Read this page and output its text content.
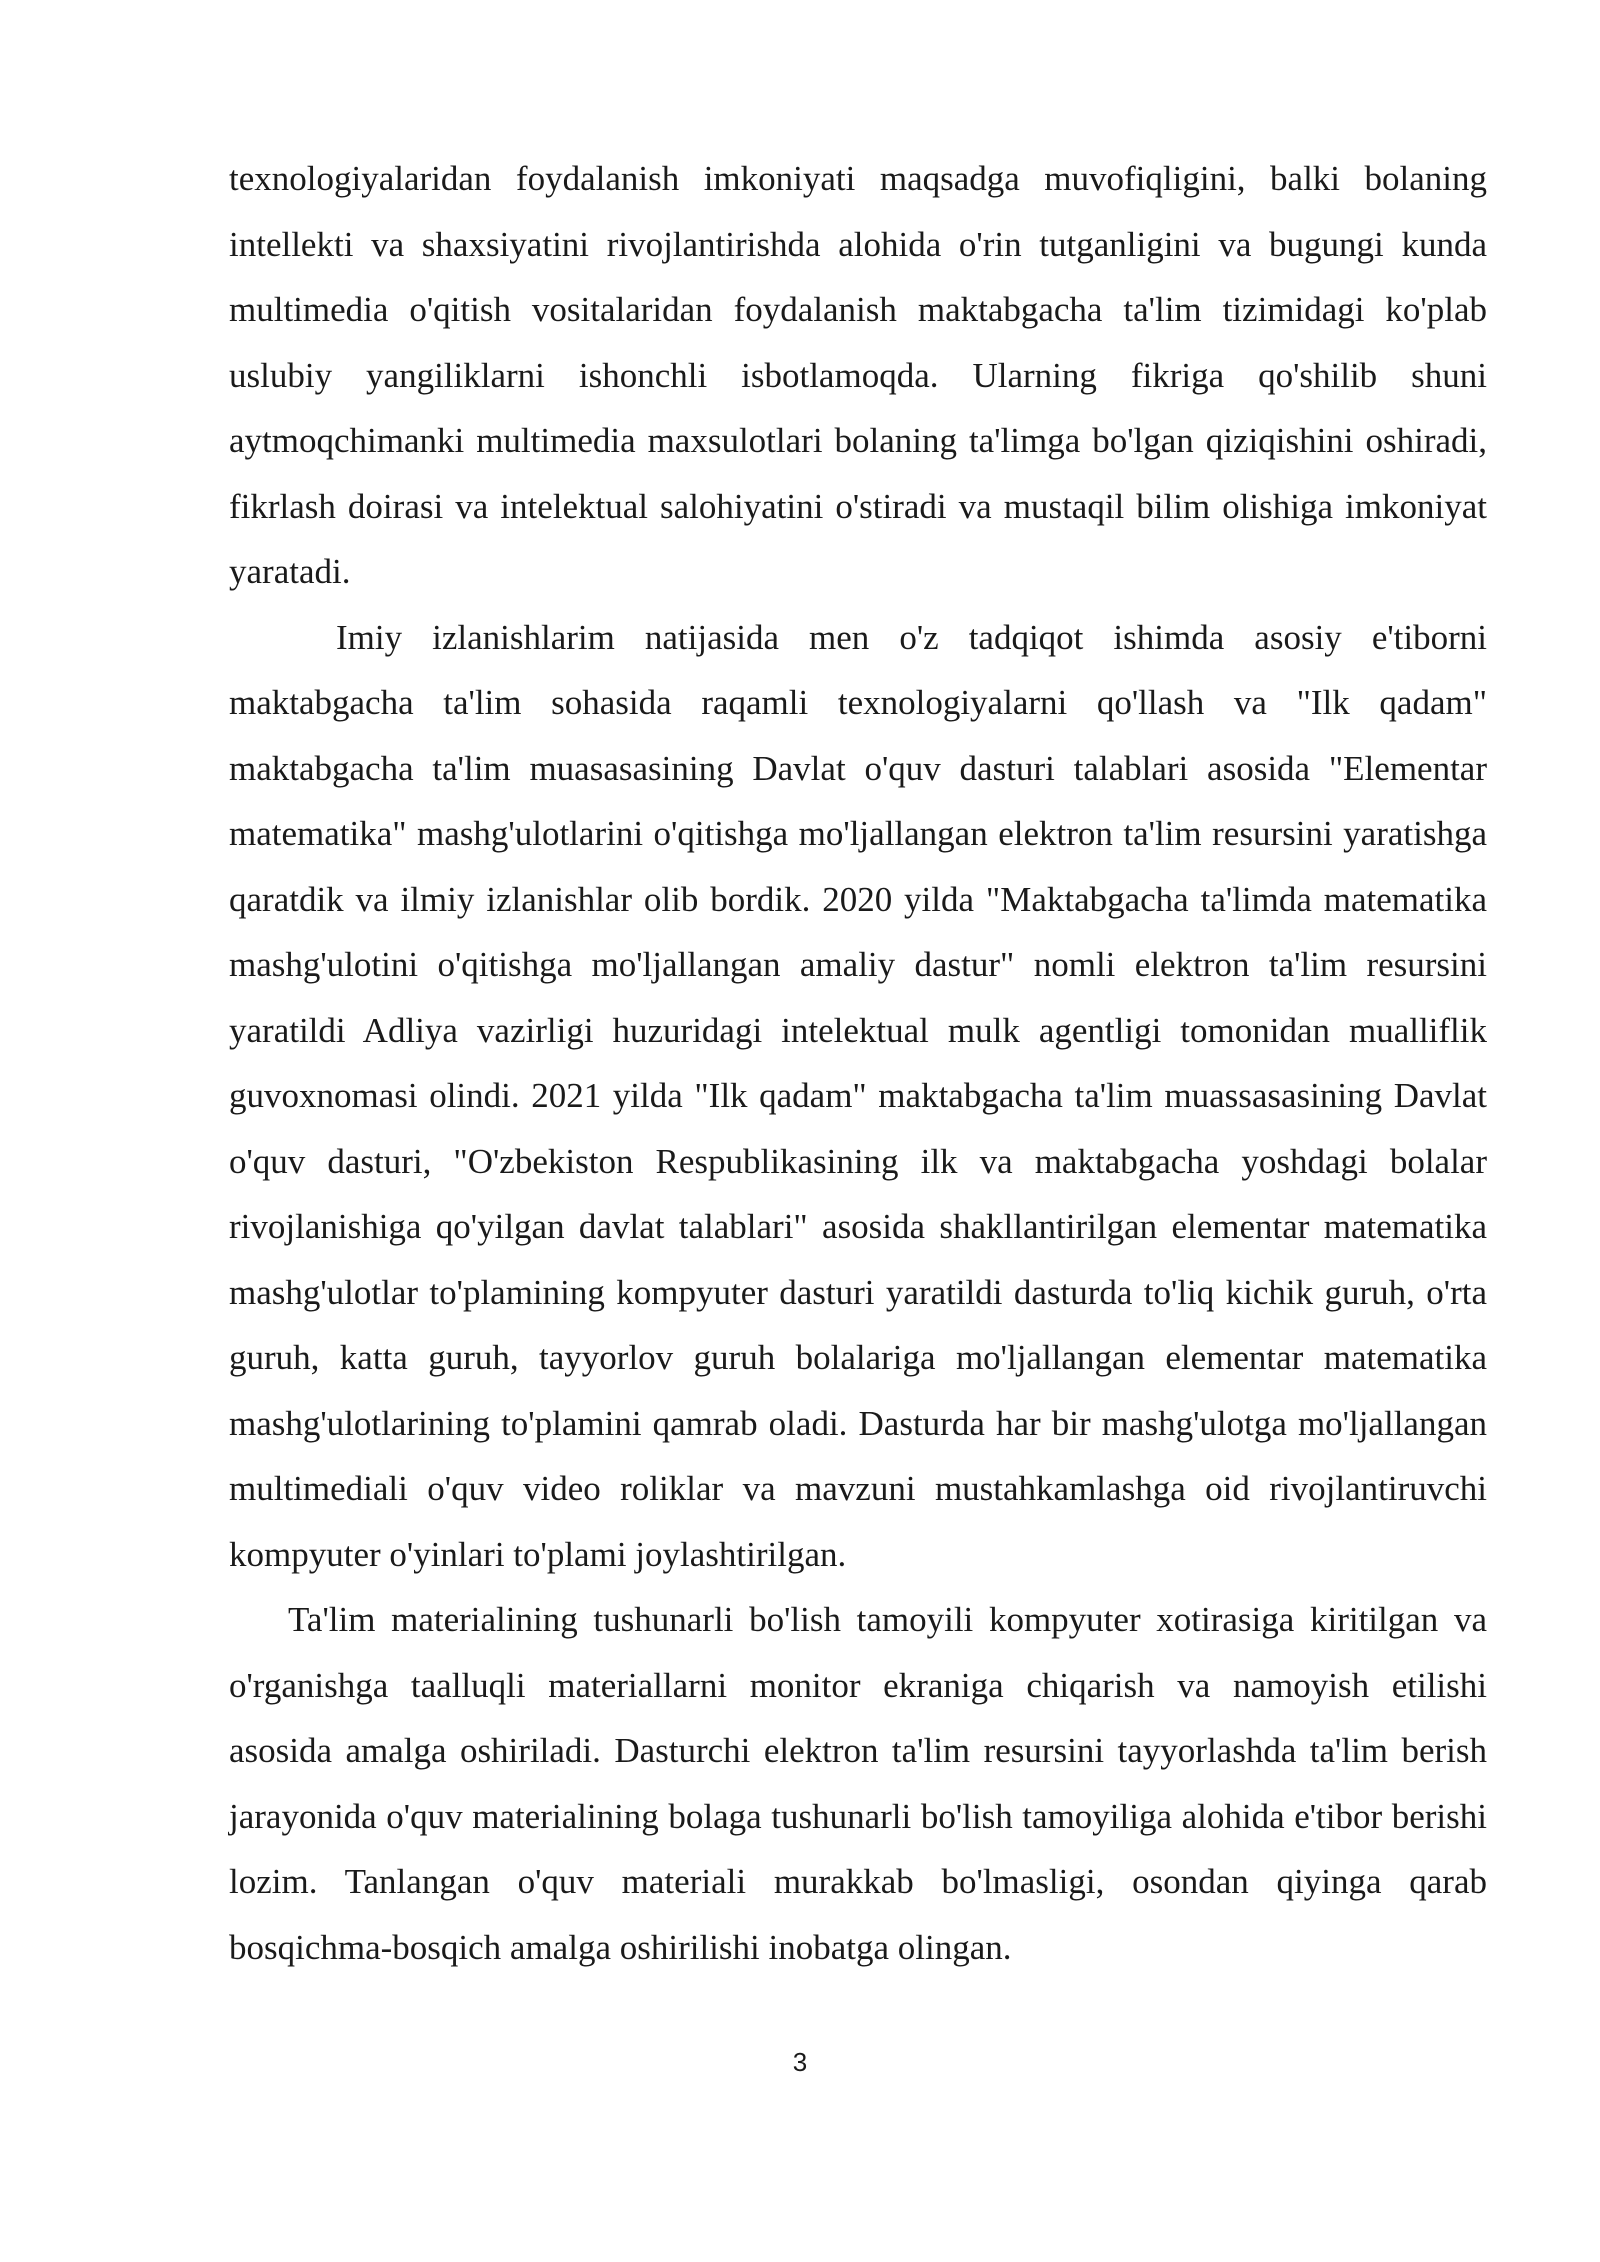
texnologiyalaridan foydalanish imkoniyati maqsadga muvofiqligini, balki bolaning intellekti va shaxsiyatini rivojlantirishda alohida o'rin tutganligini va bugungi kunda multimedia o'qitish vositalaridan foydalanish maktabgacha ta'lim tizimidagi ko'plab uslubiy yangiliklarni ishonchli isbotlamoqda. Ularning fikriga qo'shilib shuni aytmoqchimanki multimedia maxsulotlari bolaning ta'limga bo'lgan qiziqishini oshiradi, fikrlash doirasi va intelektual salohiyatini o'stiradi va mustaqil bilim olishiga imkoniyat yaratadi.

Imiy izlanishlarim natijasida men o'z tadqiqot ishimda asosiy e'tiborni maktabgacha ta'lim sohasida raqamli texnologiyalarni qo'llash va "Ilk qadam" maktabgacha ta'lim muasasasining Davlat o'quv dasturi talablari asosida "Elementar matematika" mashg'ulotlarini o'qitishga mo'ljallangan elektron ta'lim resursini yaratishga qaratdik va ilmiy izlanishlar olib bordik. 2020 yilda "Maktabgacha ta'limda matematika mashg'ulotini o'qitishga mo'ljallangan amaliy dastur" nomli elektron ta'lim resursini yaratildi Adliya vazirligi huzuridagi intelektual mulk agentligi tomonidan mualliflik guvoxnomasi olindi. 2021 yilda "Ilk qadam" maktabgacha ta'lim muassasasining Davlat o'quv dasturi, "O'zbekiston Respublikasining ilk va maktabgacha yoshdagi bolalar rivojlanishiga qo'yilgan davlat talablari" asosida shakllantirilgan elementar matematika mashg'ulotlar to'plamining kompyuter dasturi yaratildi dasturda to'liq kichik guruh, o'rta guruh, katta guruh, tayyorlov guruh bolalariga mo'ljallangan elementar matematika mashg'ulotlarining to'plamini qamrab oladi. Dasturda har bir mashg'ulotga mo'ljallangan multimediali o'quv video roliklar va mavzuni mustahkamlashga oid rivojlantiruvchi kompyuter o'yinlari to'plami joylashtirilgan.

Ta'lim materialining tushunarli bo'lish tamoyili kompyuter xotirasiga kiritilgan va o'rganishga taalluqli materiallarni monitor ekraniga chiqarish va namoyish etilishi asosida amalga oshiriladi. Dasturchi elektron ta'lim resursini tayyorlashda ta'lim berish jarayonida o'quv materialining bolaga tushunarli bo'lish tamoyiliga alohida e'tibor berishi lozim. Tanlangan o'quv materiali murakkab bo'lmasligi, osondan qiyinga qarab bosqichma-bosqich amalga oshirilishi inobatga olingan.

3
